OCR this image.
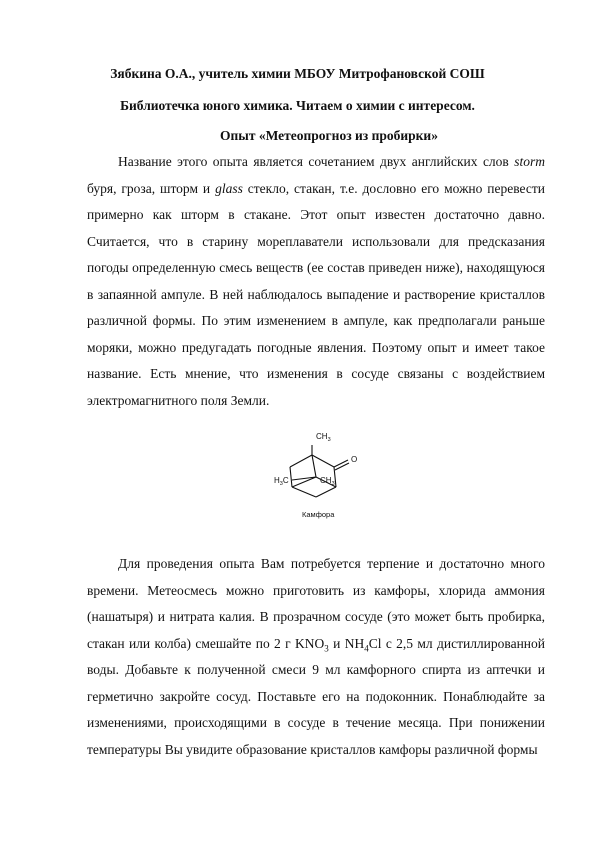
Зябкина О.А., учитель химии МБОУ Митрофановской СОШ
Библиотечка юного химика. Читаем о химии с интересом.
Опыт «Метеопрогноз из пробирки»

Название этого опыта является сочетанием двух английских слов storm буря, гроза, шторм и glass стекло, стакан, т.е. дословно его можно перевести примерно как шторм в стакане. Этот опыт известен достаточно давно. Считается, что в старину мореплаватели использовали для предсказания погоды определенную смесь веществ (ее состав приведен ниже), находящуюся в запаянной ампуле. В ней наблюдалось выпадение и растворение кристаллов различной формы. По этим изменением в ампуле, как предполагали раньше моряки, можно предугадать погодные явления. Поэтому опыт и имеет такое название. Есть мнение, что изменения в сосуде связаны с воздействием электромагнитного поля Земли.

$CH_3$
O
$H_3C$	$CH_3$
Камфора

Для проведения опыта Вам потребуется терпение и достаточно много времени. Метеосмесь можно приготовить из камфоры, хлорида аммония (нашатыря) и нитрата калия. В прозрачном сосуде (это может быть пробирка, стакан или колба) смешайте по 2 г $KNO_3$ и $NH_4Cl$ с 2,5 мл дистиллированной воды. Добавьте к полученной смеси 9 мл камфорного спирта из аптечки и герметично закройте сосуд. Поставьте его на подоконник. Понаблюдайте за изменениями, происходящими в сосуде в течение месяца. При понижении температуры Вы увидите образование кристаллов камфоры различной формы
